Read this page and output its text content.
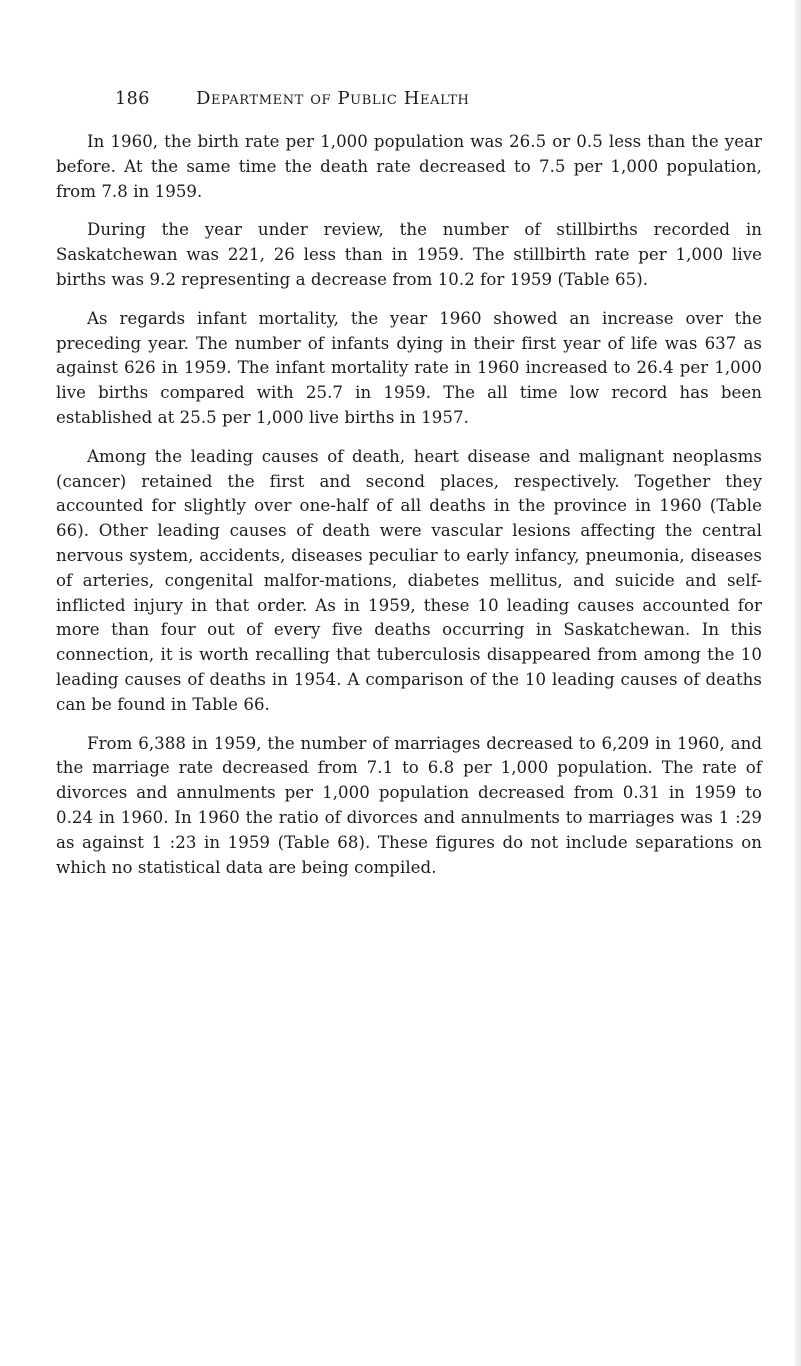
186	Department of Public Health

In 1960, the birth rate per 1,000 population was 26.5 or 0.5 less than the year before. At the same time the death rate decreased to 7.5 per 1,000 population, from 7.8 in 1959.

During the year under review, the number of stillbirths recorded in Saskatchewan was 221, 26 less than in 1959. The stillbirth rate per 1,000 live births was 9.2 representing a decrease from 10.2 for 1959 (Table 65).

As regards infant mortality, the year 1960 showed an increase over the preceding year. The number of infants dying in their first year of life was 637 as against 626 in 1959. The infant mortality rate in 1960 increased to 26.4 per 1,000 live births compared with 25.7 in 1959. The all time low record has been established at 25.5 per 1,000 live births in 1957.

Among the leading causes of death, heart disease and malignant neoplasms (cancer) retained the first and second places, respectively. Together they accounted for slightly over one-half of all deaths in the province in 1960 (Table 66). Other leading causes of death were vascular lesions affecting the central nervous system, accidents, diseases peculiar to early infancy, pneumonia, diseases of arteries, congenital malfor-mations, diabetes mellitus, and suicide and self-inflicted injury in that order. As in 1959, these 10 leading causes accounted for more than four out of every five deaths occurring in Saskatchewan. In this connection, it is worth recalling that tuberculosis disappeared from among the 10 leading causes of deaths in 1954. A comparison of the 10 leading causes of deaths can be found in Table 66.

From 6,388 in 1959, the number of marriages decreased to 6,209 in 1960, and the marriage rate decreased from 7.1 to 6.8 per 1,000 population. The rate of divorces and annulments per 1,000 population decreased from 0.31 in 1959 to 0.24 in 1960. In 1960 the ratio of divorces and annulments to marriages was 1 :29 as against 1 :23 in 1959 (Table 68). These figures do not include separations on which no statistical data are being compiled.
